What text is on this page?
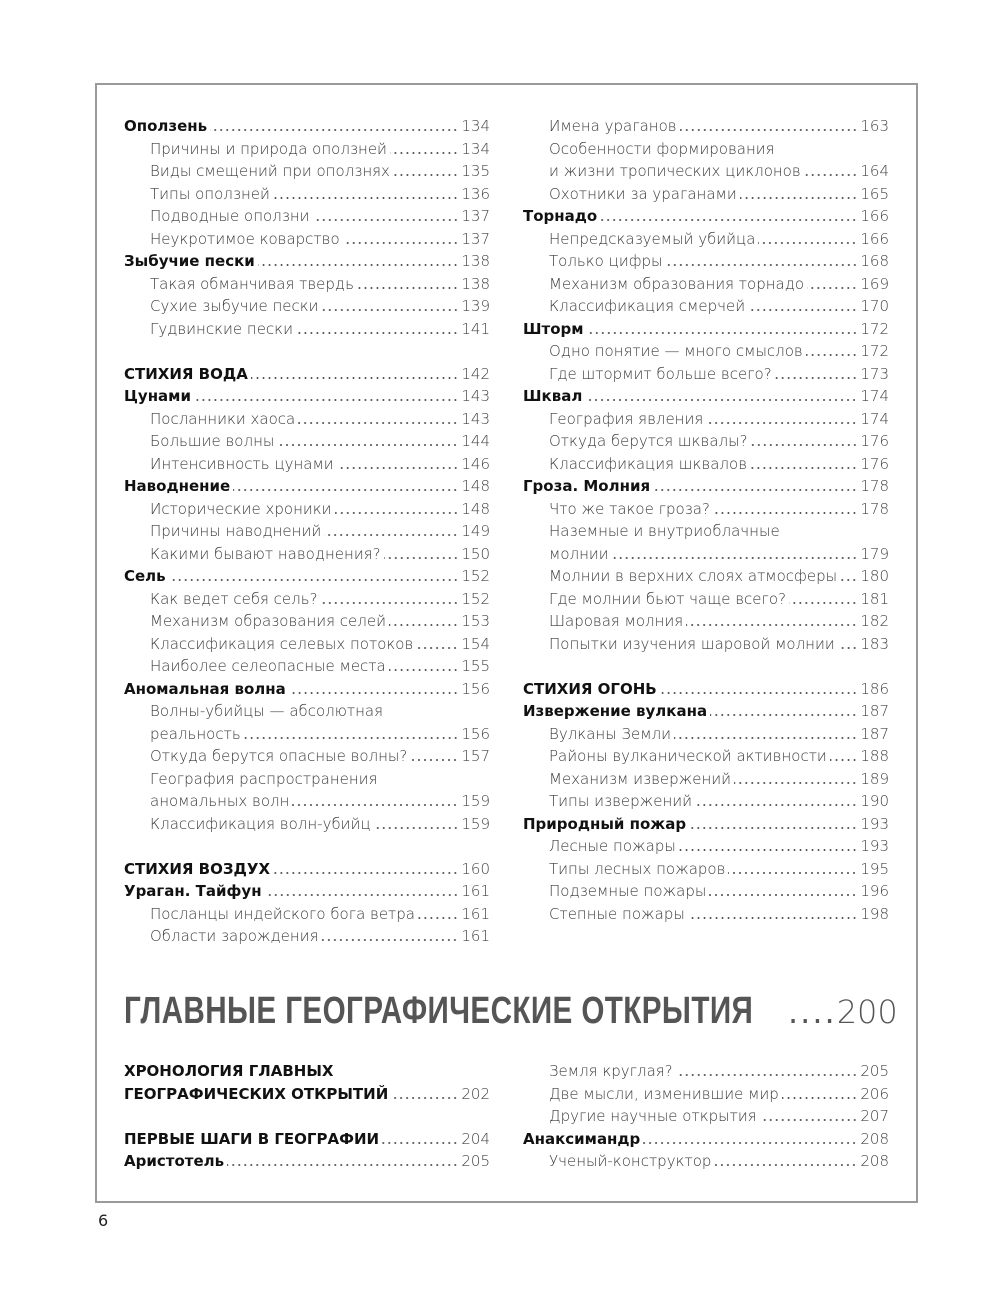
Оползень	134
Причины и природа оползней	134
Виды смещений при оползнях	135
Типы оползней	136
Подводные оползни	137
Неукротимое коварство	137
Зыбучие пески	138
Такая обманчивая твердь	138
Сухие зыбучие пески	139
Гудвинские пески	141
СТИХИЯ ВОДА	142
Цунами	143
Посланники хаоса	143
Большие волны	144
Интенсивность цунами	146
Наводнение	148
Исторические хроники	148
Причины наводнений	149
Какими бывают наводнения?	150
Сель	152
Как ведет себя сель?	152
Механизм образования селей	153
Классификация селевых потоков	154
Наиболее селеопасные места	155
Аномальная волна	156
Волны-убийцы — абсолютная
реальность	156
Откуда берутся опасные волны?	157
География распространения
аномальных волн	159
Классификация волн-убийц	159
СТИХИЯ ВОЗДУХ	160
Ураган. Тайфун	161
Посланцы индейского бога ветра	161
Области зарождения	161
Имена ураганов	163
Особенности формирования
и жизни тропических циклонов	164
Охотники за ураганами	165
Торнадо	166
Непредсказуемый убийца	166
Только цифры	168
Механизм образования торнадо	169
Классификация смерчей	170
Шторм	172
Одно понятие — много смыслов	172
Где штормит больше всего?	173
Шквал	174
География явления	174
Откуда берутся шквалы?	176
Классификация шквалов	176
Гроза. Молния	178
Что же такое гроза?	178
Наземные и внутриоблачные
молнии	179
Молнии в верхних слоях атмосферы 180
Где молнии бьют чаще всего?	181
Шаровая молния	182
Попытки изучения шаровой молнии 183
СТИХИЯ ОГОНЬ	186
Извержение вулкана	187
Вулканы Земли	187
Районы вулканической активности 188
Механизм извержений	189
Типы извержений	190
Природный пожар	193
Лесные пожары	193
Типы лесных пожаров	195
Подземные пожары	196
Степные пожары	198
ГЛАВНЫЕ ГЕОГРАФИЧЕСКИЕ ОТКРЫТИЯ .... 200
ХРОНОЛОГИЯ ГЛАВНЫХ
ГЕОГРАФИЧЕСКИХ ОТКРЫТИЙ	202
ПЕРВЫЕ ШАГИ В ГЕОГРАФИИ	204
Аристотель	205
Земля круглая?	205
Две мысли, изменившие мир	206
Другие научные открытия	207
Анаксимандр	208
Ученый-конструктор	208
6
